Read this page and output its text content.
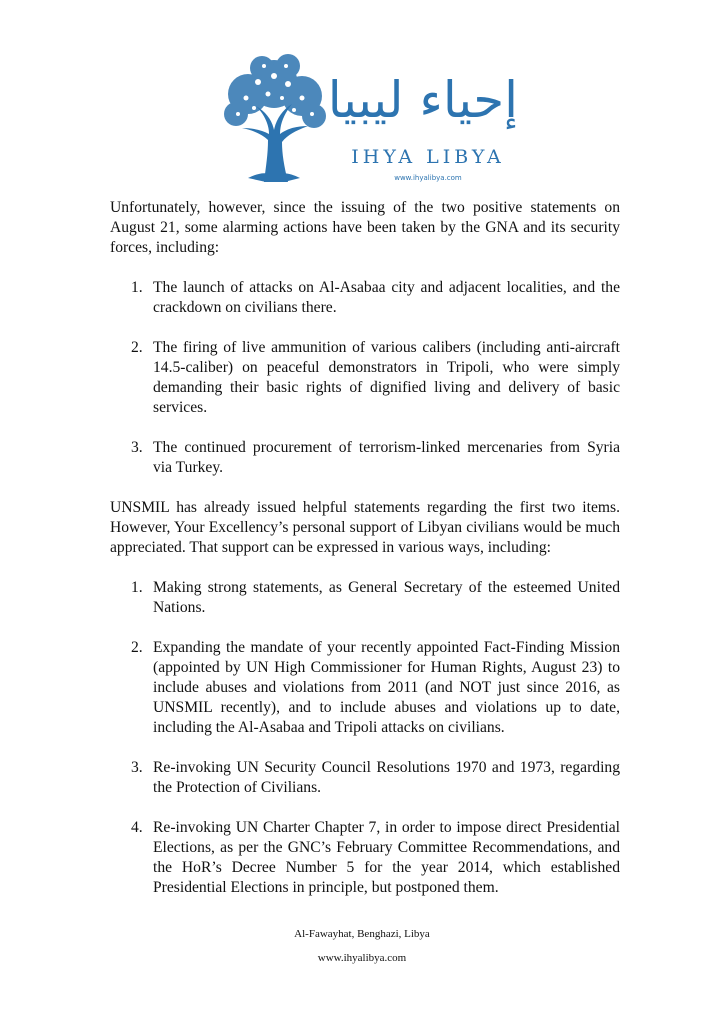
إحياء ليبيا
IHYA LIBYA
www.ihyalibya.com

Unfortunately, however, since the issuing of the two positive statements on August 21, some alarming actions have been taken by the GNA and its security forces, including:

1. The launch of attacks on Al-Asabaa city and adjacent localities, and the crackdown on civilians there.
2. The firing of live ammunition of various calibers (including anti-aircraft 14.5-caliber) on peaceful demonstrators in Tripoli, who were simply demanding their basic rights of dignified living and delivery of basic services.
3. The continued procurement of terrorism-linked mercenaries from Syria via Turkey.

UNSMIL has already issued helpful statements regarding the first two items. However, Your Excellency’s personal support of Libyan civilians would be much appreciated. That support can be expressed in various ways, including:

1. Making strong statements, as General Secretary of the esteemed United Nations.
2. Expanding the mandate of your recently appointed Fact-Finding Mission (appointed by UN High Commissioner for Human Rights, August 23) to include abuses and violations from 2011 (and NOT just since 2016, as UNSMIL recently), and to include abuses and violations up to date, including the Al-Asabaa and Tripoli attacks on civilians.
3. Re-invoking UN Security Council Resolutions 1970 and 1973, regarding the Protection of Civilians.
4. Re-invoking UN Charter Chapter 7, in order to impose direct Presidential Elections, as per the GNC’s February Committee Recommendations, and the HoR’s Decree Number 5 for the year 2014, which established Presidential Elections in principle, but postponed them.
Al-Fawayhat, Benghazi, Libya
www.ihyalibya.com
